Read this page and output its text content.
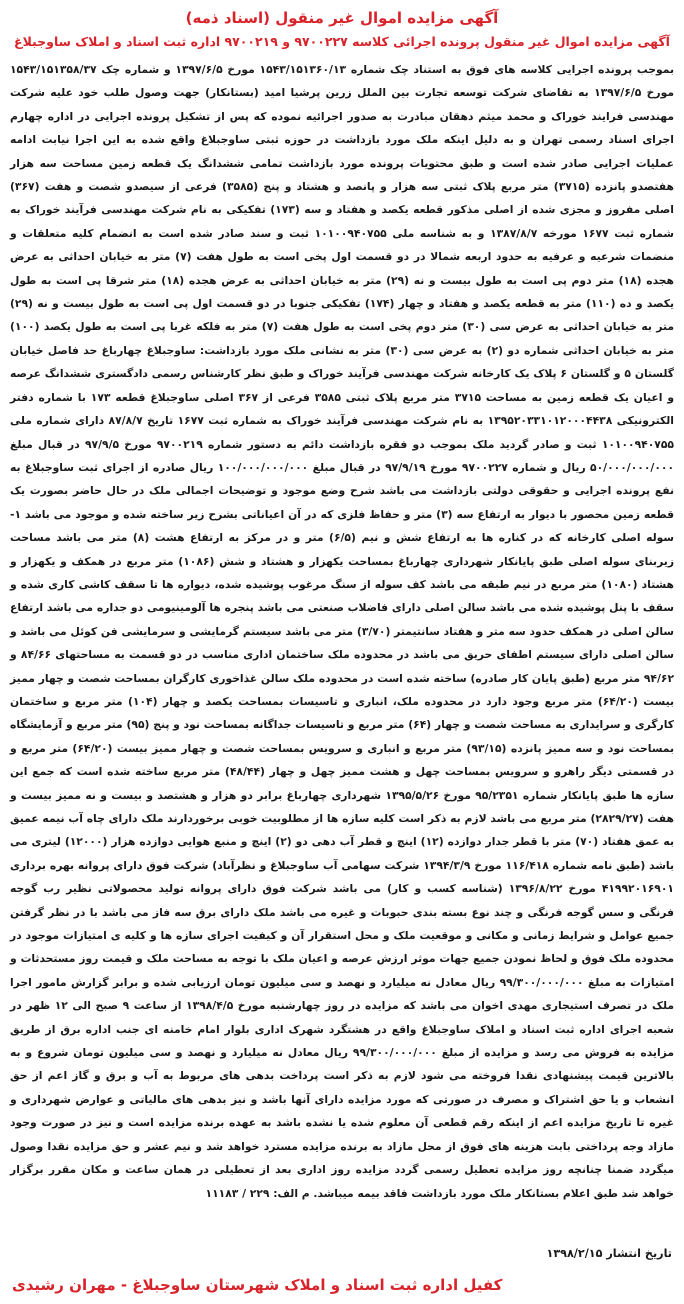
آگهی مزایده اموال غیر منقول (اسناد ذمه)
آگهی مزایده اموال غیر منقول پرونده اجرائی کلاسه ۹۷۰۰۲۲۷ و ۹۷۰۰۲۱۹ اداره ثبت اسناد و املاک ساوجبلاغ

بموجب پرونده اجرایی کلاسه های فوق به استناد چک شماره ۱۵۴۳/۱۵۱۳۶۰/۱۳ مورخ ۱۳۹۷/۶/۵ و شماره چک ۱۵۴۳/۱۵۱۳۵۸/۳۷ مورخ ۱۳۹۷/۶/۵ به تقاضای شرکت توسعه تجارت بین الملل زرین پرشیا امید (بستانکار) جهت وصول طلب خود علیه شرکت مهندسی فرایند خوراک و محمد میثم دهقان مبادرت به صدور اجرائیه نموده که پس از تشکیل پرونده اجرایی در اداره چهارم اجرای اسناد رسمی تهران و به دلیل اینکه ملک مورد بازداشت در حوزه ثبتی ساوجبلاغ واقع شده به این اجرا نیابت ادامه عملیات اجرایی صادر شده است و طبق محتویات پرونده مورد بازداشت تمامی ششدانگ یک قطعه زمین مساحت سه هزار هفتصدو پانزده (۳۷۱۵) متر مربع پلاک ثبتی سه هزار و پانصد و هشتاد و پنج (۳۵۸۵) فرعی از سیصدو شصت و هفت (۳۶۷) اصلی مفروز و مجزی شده از اصلی مذکور قطعه یکصد و هفتاد و سه (۱۷۳) تفکیکی به نام شرکت مهندسی فرآیند خوراک به شماره ثبت ۱۶۷۷ مورخه ۱۳۸۷/۸/۷ و به شناسه ملی ۱۰۱۰۰۹۴۰۷۵۵ ثبت و سند صادر شده است به انضمام کلیه متعلقات و منضمات شرعیه و عرفیه به حدود اربعه شمالا در دو قسمت اول پخی است به طول هفت (۷) متر به خیابان احداثی به عرض هجده (۱۸) متر دوم پی است به طول بیست و نه (۲۹) متر به خیابان احداثی به عرض هجده (۱۸) متر شرقا پی است به طول یکصد و ده (۱۱۰) متر به قطعه یکصد و هفتاد و چهار (۱۷۴) تفکیکی جنوبا در دو قسمت اول پی است به طول بیست و نه (۲۹) متر به خیابان احداثی به عرض سی (۳۰) متر دوم پخی است به طول هفت (۷) متر به فلکه غربا پی است به طول یکصد (۱۰۰) متر به خیابان احداثی شماره دو (۲) به عرض سی (۳۰) متر به نشانی ملک مورد بازداشت: ساوجبلاغ چهارباغ حد فاصل خیابان گلستان ۵ و گلستان ۶ پلاک یک کارخانه شرکت مهندسی فرآیند خوراک و طبق نظر کارشناس رسمی دادگستری ششدانگ عرصه و اعیان یک قطعه زمین به مساحت ۳۷۱۵ متر مربع پلاک ثبتی ۳۵۸۵ فرعی از ۳۶۷ اصلی ساوجبلاغ قطعه ۱۷۳ با شماره دفتر الکترونیکی ۱۳۹۵۲۰۳۳۱۰۱۲۰۰۰۴۴۳۸ به نام شرکت مهندسی فرآیند خوراک به شماره ثبت ۱۶۷۷ تاریخ ۸۷/۸/۷ دارای شماره ملی ۱۰۱۰۰۹۴۰۷۵۵ ثبت و صادر گردید ملک بموجب دو فقره بازداشت دائم به دستور شماره ۹۷۰۰۲۱۹ مورخ ۹۷/۹/۵ در قبال مبلغ ۵۰/۰۰۰/۰۰۰/۰۰۰ ریال و شماره ۹۷۰۰۲۲۷ مورخ ۹۷/۹/۱۹ در قبال مبلغ ۱۰۰/۰۰۰/۰۰۰/۰۰۰ ریال صادره از اجرای ثبت ساوجبلاغ به نفع پرونده اجرایی و حقوقی دولتی بازداشت می باشد شرح وضع موجود و توضیحات اجمالی ملک در حال حاضر بصورت یک قطعه زمین محصور با دیوار به ارتفاع سه (۳) متر و حفاظ فلزی که در آن اعیاناتی بشرح زیر ساخته شده و موجود می باشد ۱- سوله اصلی کارخانه که در کناره ها به ارتفاع شش و نیم (۶/۵) متر و در مرکز به ارتفاع هشت (۸) متر می باشد مساحت زیربنای سوله اصلی طبق پایانکار شهرداری چهارباغ بمساحت یکهزار و هشتاد و شش (۱۰۸۶) متر مربع در همکف و یکهزار و هشتاد (۱۰۸۰) متر مربع در نیم طبقه می باشد کف سوله از سنگ مرغوب پوشیده شده، دیواره ها تا سقف کاشی کاری شده و سقف با پنل پوشیده شده می باشد سالن اصلی دارای فاضلاب صنعتی می باشد پنجره ها آلومینیومی دو جداره می باشد ارتفاع سالن اصلی در همکف حدود سه متر و هفتاد سانتیمتر (۳/۷۰) متر می باشد سیستم گرمایشی و سرمایشی فن کوئل می باشد و سالن اصلی دارای سیستم اطفای حریق می باشد در محدوده ملک ساختمان اداری مناسب در دو قسمت به مساحتهای ۸۴/۶۶ و ۹۴/۶۲ متر مربع (طبق پایان کار صادره) ساخته شده است در محدوده ملک سالن غذاخوری کارگران بمساحت شصت و چهار ممیز بیست (۶۴/۲۰) متر مربع وجود دارد در محدوده ملک، انباری و تاسیسات بمساحت یکصد و چهار (۱۰۴) متر مربع و ساختمان کارگری و سرایداری به مساحت شصت و چهار (۶۴) متر مربع و تاسیسات جداگانه بمساحت نود و پنج (۹۵) متر مربع و آزمایشگاه بمساحت نود و سه ممیز پانزده (۹۳/۱۵) متر مربع و انباری و سرویس بمساحت شصت و چهار ممیز بیست (۶۴/۲۰) متر مربع و در قسمتی دیگر راهرو و سرویس بمساحت چهل و هشت ممیز چهل و چهار (۴۸/۴۴) متر مربع ساخته شده است که جمع این سازه ها طبق پایانکار شماره ۹۵/۲۳۵۱ مورخ ۱۳۹۵/۵/۲۶ شهرداری چهارباغ برابر دو هزار و هشتصد و بیست و نه ممیز بیست و هفت (۲۸۲۹/۲۷) متر مربع می باشد لازم به ذکر است کلیه سازه ها از مطلوبیت خوبی برخوردارند ملک دارای چاه آب نیمه عمیق به عمق هفتاد (۷۰) متر با قطر جدار دوازده (۱۲) اینچ و قطر آب دهی دو (۲) اینچ و منبع هوایی دوازده هزار (۱۲۰۰۰) لیتری می باشد (طبق نامه شماره ۱۱۶/۴۱۸ مورخ ۱۳۹۴/۳/۹ شرکت سهامی آب ساوجبلاغ و نظرآباد) شرکت فوق دارای پروانه بهره برداری ۴۱۹۹۲۰۱۶۹۰۱ مورخ ۱۳۹۶/۸/۲۲ (شناسه کسب و کار) می باشد شرکت فوق دارای پروانه تولید محصولاتی نظیر رب گوجه فرنگی و سس گوجه فرنگی و چند نوع بسته بندی حبوبات و غیره می باشد ملک دارای برق سه فاز می باشد با در نظر گرفتن جمیع عوامل و شرایط زمانی و مکانی و موقعیت ملک و محل استقرار آن و کیفیت اجرای سازه ها و کلیه ی امتیازات موجود در محدوده ملک فوق و لحاظ نمودن جمیع جهات موثر ارزش عرصه و اعیان ملک با توجه به مساحت ملک و قیمت روز مستحدثات و امتیازات به مبلغ ۹۹/۳۰۰/۰۰۰/۰۰۰ ریال معادل نه میلیارد و نهصد و سی میلیون تومان ارزیابی شده و برابر گزارش مامور اجرا ملک در تصرف استیجاری مهدی اخوان می باشد که مزایده در روز چهارشنبه مورخ ۱۳۹۸/۴/۵ از ساعت ۹ صبح الی ۱۲ ظهر در شعبه اجرای اداره ثبت اسناد و املاک ساوجبلاغ واقع در هشتگرد شهرک اداری بلوار امام خامنه ای جنب اداره برق از طریق مزایده به فروش می رسد و مزایده از مبلغ ۹۹/۳۰۰/۰۰۰/۰۰۰ ریال معادل نه میلیارد و نهصد و سی میلیون تومان شروع و به بالاترین قیمت پیشنهادی نقدا فروخته می شود لازم به ذکر است پرداخت بدهی های مربوط به آب و برق و گاز اعم از حق انشعاب و یا حق اشتراک و مصرف در صورتی که مورد مزایده دارای آنها باشد و نیز بدهی های مالیاتی و عوارض شهرداری و غیره تا تاریخ مزایده اعم از اینکه رقم قطعی آن معلوم شده یا نشده باشد به عهده برنده مزایده است و نیز در صورت وجود مازاد وجه پرداختی بابت هزینه های فوق از محل مازاد به برنده مزایده مسترد خواهد شد و نیم عشر و حق مزایده نقدا وصول میگردد ضمنا چنانچه روز مزایده تعطیل رسمی گردد مزایده روز اداری بعد از تعطیلی در همان ساعت و مکان مقرر برگزار خواهد شد طبق اعلام بستانکار ملک مورد بازداشت فاقد بیمه میباشد. م الف: ۲۲۹ / ۱۱۱۸۳

تاریخ انتشار ۱۳۹۸/۲/۱۵
کفیل اداره ثبت اسناد و املاک شهرستان ساوجبلاغ - مهران رشیدی
